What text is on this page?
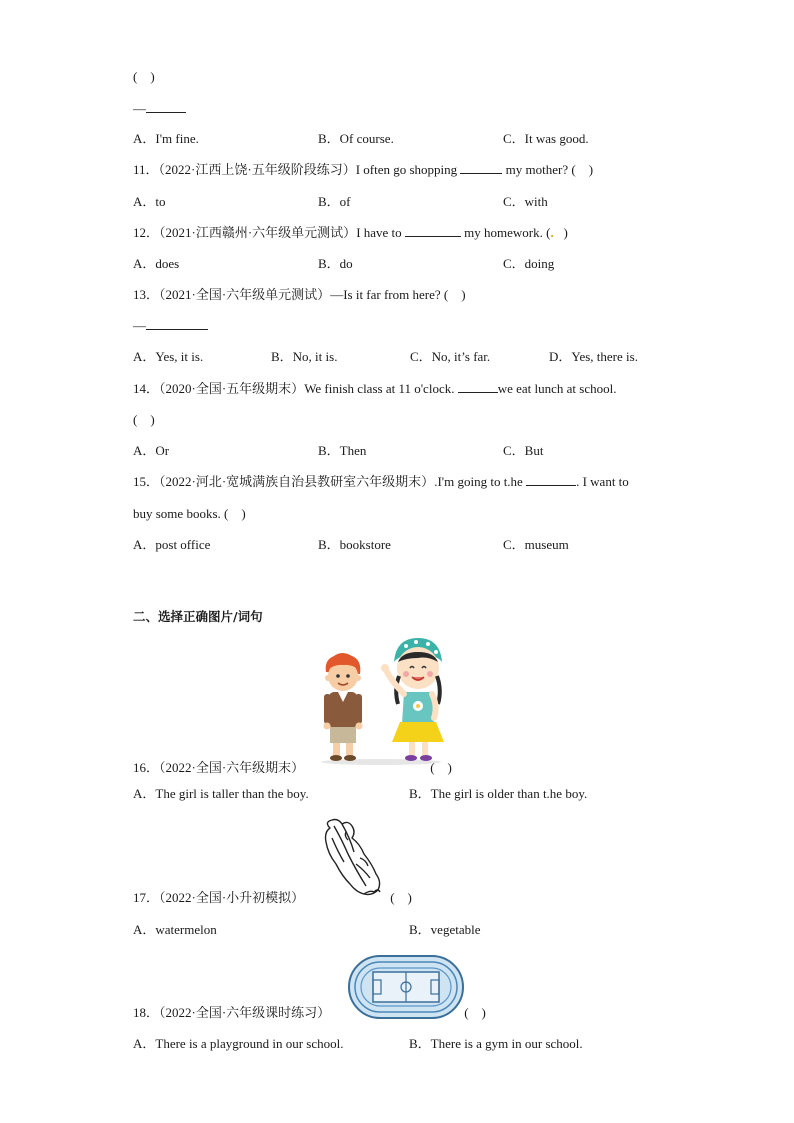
(    )
—
A．I'm fine.	B．Of course.	C．It was good.
11．（2022·江西上饶·五年级阶段练习）I often go shopping	my mother? (    )
A．to	B．of	C．with
12．（2021·江西赣州·六年级单元测试）I have to	my homework. (.   )
A．does	B．do	C．doing
13．（2021·全国·六年级单元测试）—Is it far from here? (    )
—
A．Yes, it is.	B．No, it is.	C．No, it’s far.	D．Yes, there is.
14．（2020·全国·五年级期末）We finish class at 11 o'clock.	we eat lunch at school.
(    )
A．Or	B．Then	C．But
15．（2022·河北·宽城满族自治县教研室六年级期末）.I'm going to t.he	. I want to
buy some books. (    )
A．post office	B．bookstore	C．museum
二、选择正确图片/词句
16．（2022·全国·六年级期末）	(    )
A．The girl is taller than the boy.	B．The girl is older than t.he boy.
17．（2022·全国·小升初模拟）	(    )
A．watermelon	B．vegetable
18．（2022·全国·六年级课时练习）	(    )
A．There is a playground in our school.	B．There is a gym in our school.
